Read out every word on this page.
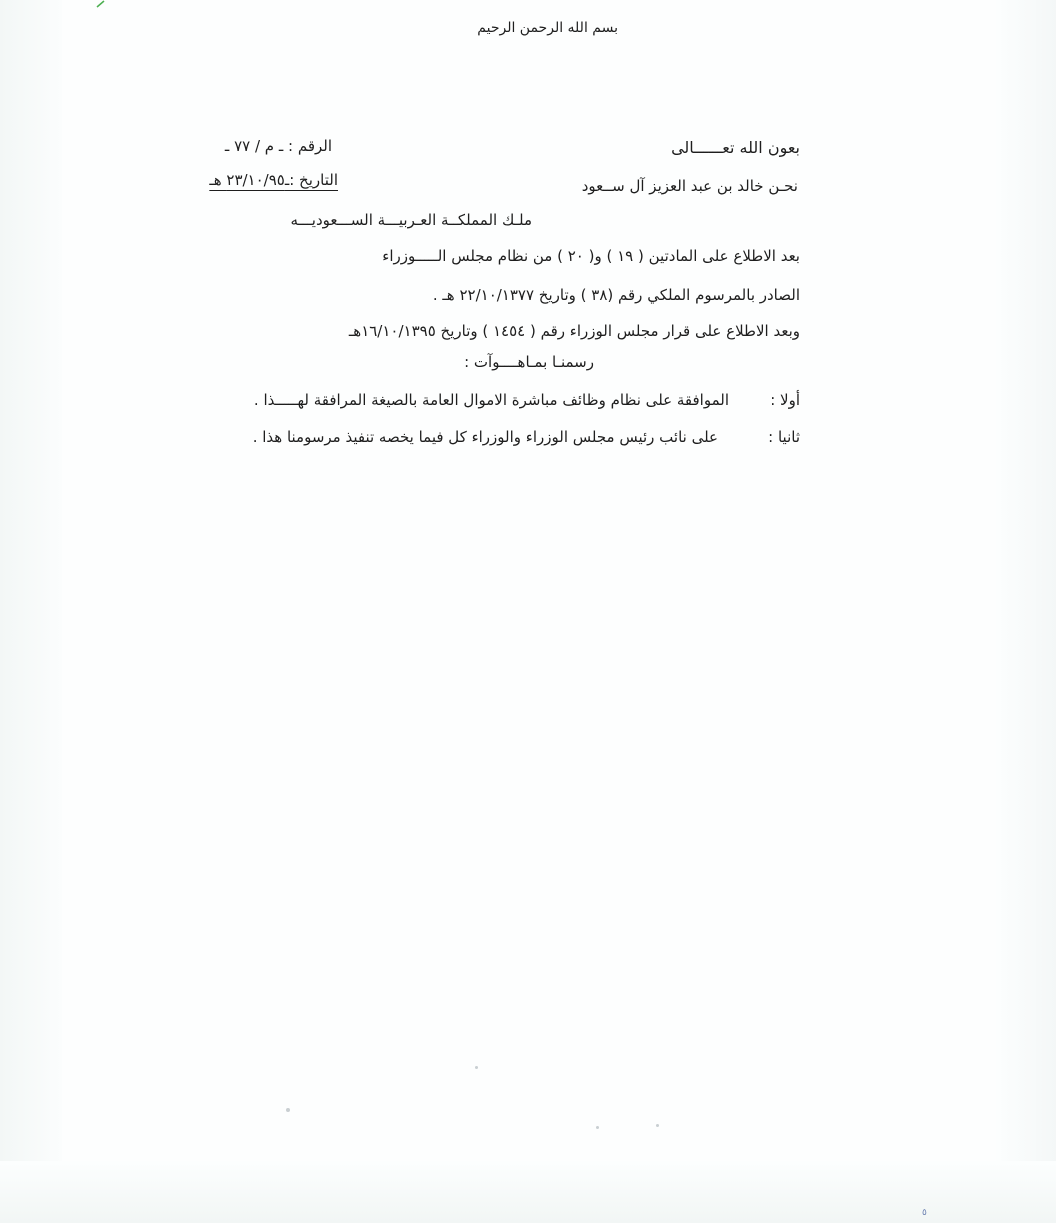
بسم الله الرحمن الرحيم
بعون الله تعــــــالى
الرقم : ـ م / ٧٧ ـ
نحـن خالد بن عبد العزيز آل ســعود
التاريخ :ـ٢٣/١٠/٩٥ هـ
ملـك المملكــة العـربيـــة الســـعوديـــه
بعد الاطلاع على المادتين ( ١٩ ) و( ٢٠ ) من نظام مجلس الـــــوزراء
الصادر بالمرسوم الملكي رقم (٣٨ ) وتاريخ ٢٢/١٠/١٣٧٧ هـ .
وبعد الاطلاع على قرار مجلس الوزراء رقم ( ١٤٥٤ ) وتاريخ ١٦/١٠/١٣٩٥هـ
رسمنـا بمـاهــــوآت :
أولا :
الموافقة على نظام وظائف مباشرة الاموال العامة بالصيغة المرافقة لهـــــذا .
ثانيا :
على نائب رئيس مجلس الوزراء والوزراء كل فيما يخصه تنفيذ مرسومنا هذا .
٥
